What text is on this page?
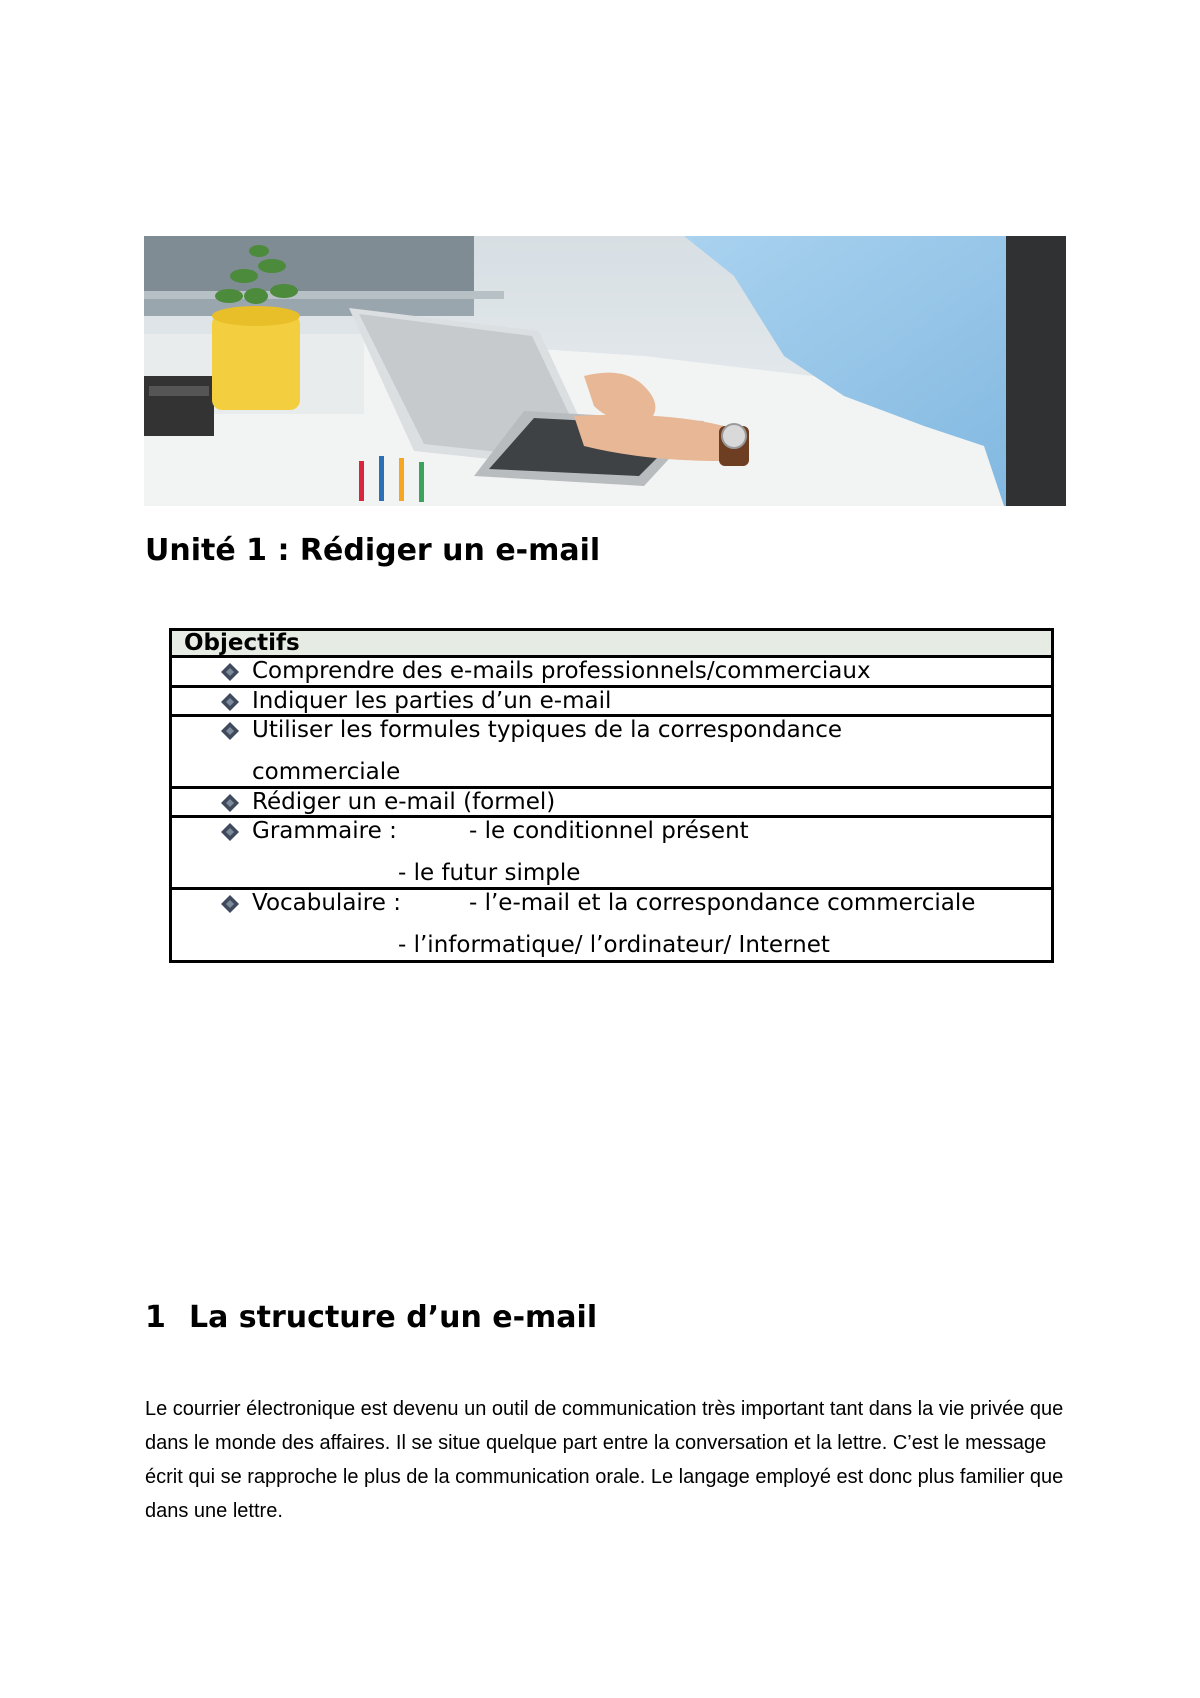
Unité 1 : Rédiger un e-mail
Objectifs
Comprendre des e-mails professionnels/commerciaux
Indiquer les parties d’un e-mail
Utiliser les formules typiques de la correspondance
commerciale
Rédiger un e-mail (formel)
Grammaire :	- le conditionnel présent
- le futur simple
Vocabulaire :	- l’e-mail et la correspondance commerciale
- l’informatique/ l’ordinateur/ Internet
1 La structure d’un e-mail

Le courrier électronique est devenu un outil de communication très important tant dans la vie privée que dans le monde des affaires. Il se situe quelque part entre la conversation et la lettre. C’est le message écrit qui se rapproche le plus de la communication orale. Le langage employé est donc plus familier que dans une lettre.
